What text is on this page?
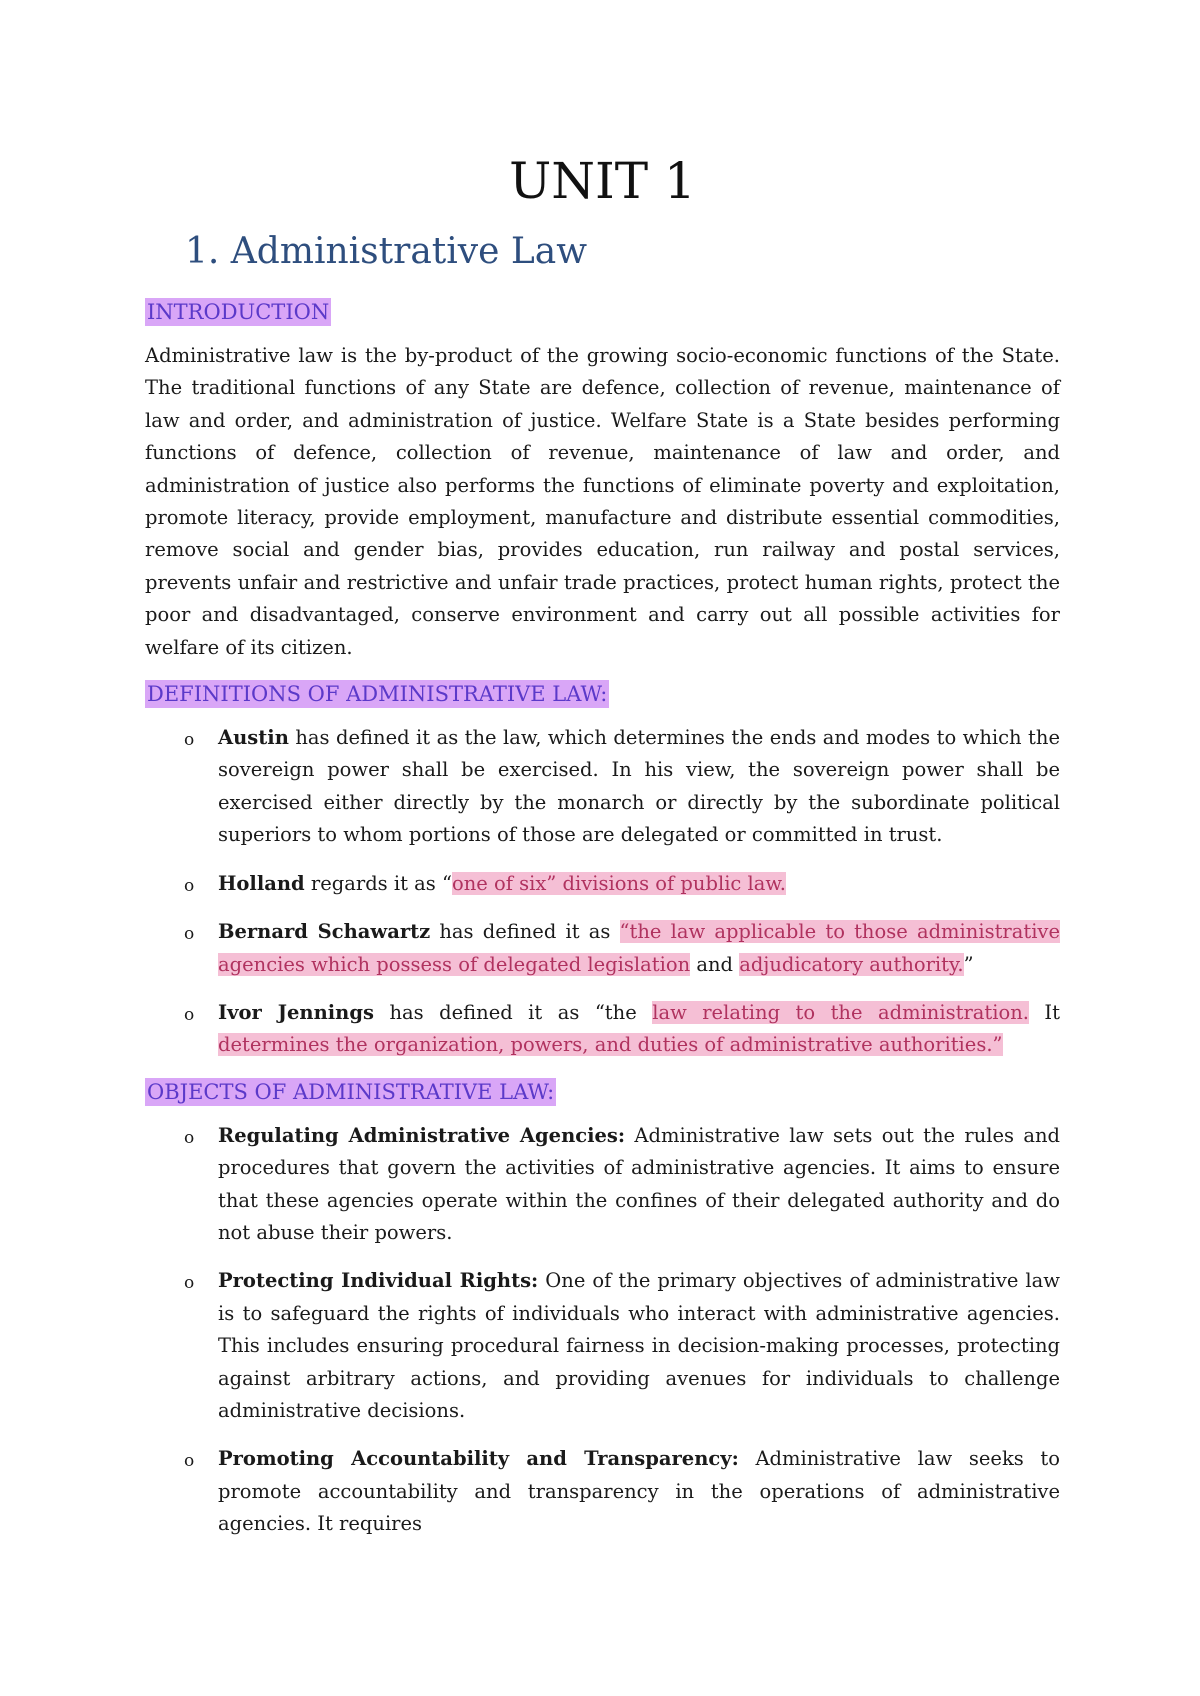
UNIT 1
1. Administrative Law
INTRODUCTION

Administrative law is the by-product of the growing socio-economic functions of the State. The traditional functions of any State are defence, collection of revenue, maintenance of law and order, and administration of justice. Welfare State is a State besides performing functions of defence, collection of revenue, maintenance of law and order, and administration of justice also performs the functions of eliminate poverty and exploitation, promote literacy, provide employment, manufacture and distribute essential commodities, remove social and gender bias, provides education, run railway and postal services, prevents unfair and restrictive and unfair trade practices, protect human rights, protect the poor and disadvantaged, conserve environment and carry out all possible activities for welfare of its citizen.

DEFINITIONS OF ADMINISTRATIVE LAW:
o Austin has defined it as the law, which determines the ends and modes to which the sovereign power shall be exercised. In his view, the sovereign power shall be exercised either directly by the monarch or directly by the subordinate political superiors to whom portions of those are delegated or committed in trust.
o Holland regards it as “one of six” divisions of public law.
o Bernard Schawartz has defined it as “the law applicable to those administrative agencies which possess of delegated legislation and adjudicatory authority.”
o Ivor Jennings has defined it as “the law relating to the administration. It determines the organization, powers, and duties of administrative authorities.”
OBJECTS OF ADMINISTRATIVE LAW:
o Regulating Administrative Agencies: Administrative law sets out the rules and procedures that govern the activities of administrative agencies. It aims to ensure that these agencies operate within the confines of their delegated authority and do not abuse their powers.
o Protecting Individual Rights: One of the primary objectives of administrative law is to safeguard the rights of individuals who interact with administrative agencies. This includes ensuring procedural fairness in decision-making processes, protecting against arbitrary actions, and providing avenues for individuals to challenge administrative decisions.
o Promoting Accountability and Transparency: Administrative law seeks to promote accountability and transparency in the operations of administrative agencies. It requires
